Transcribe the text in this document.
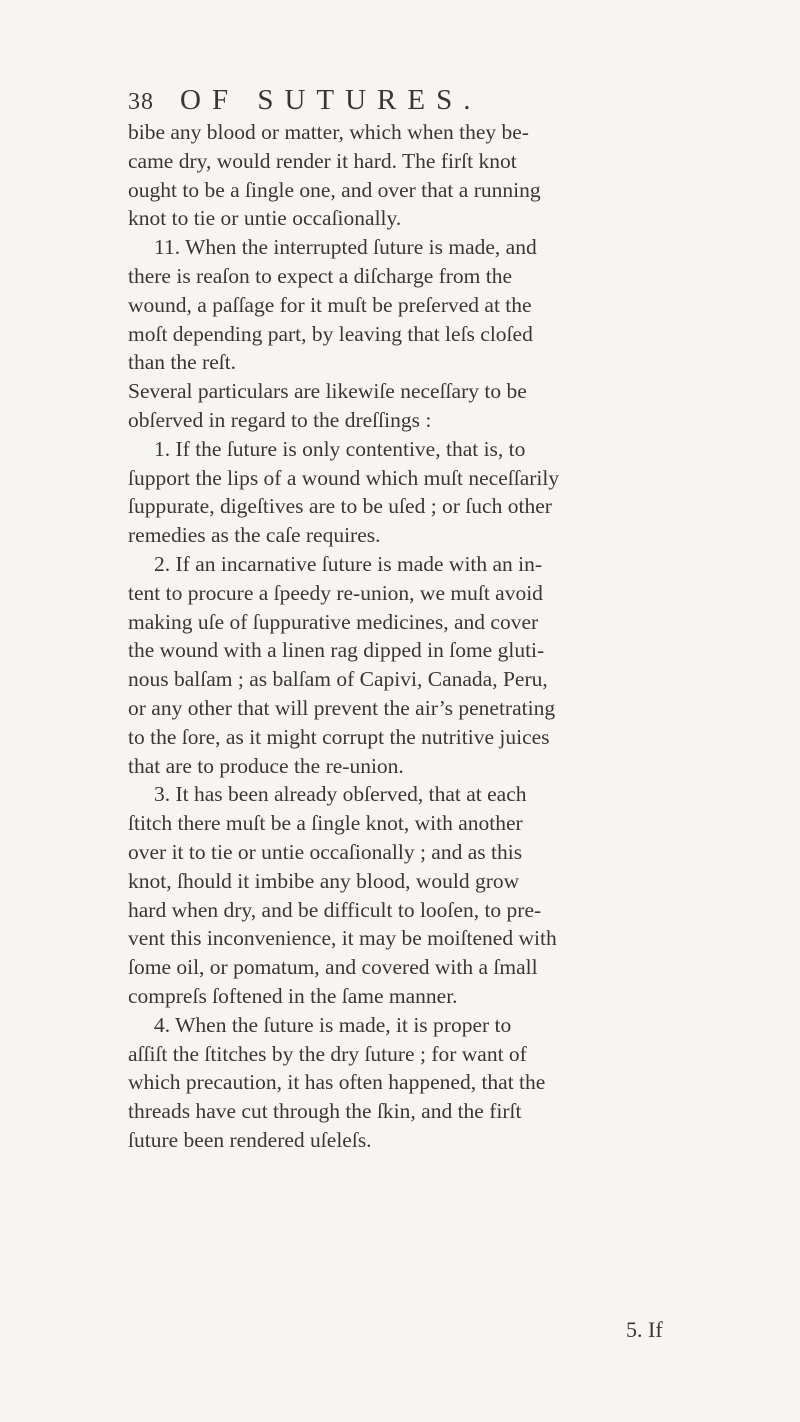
38 OF SUTURES.
bibe any blood or matter, which when they be-
came dry, would render it hard. The firſt knot
ought to be a ſingle one, and over that a running
knot to tie or untie occaſionally.
11. When the interrupted ſuture is made, and
there is reaſon to expect a diſcharge from the
wound, a paſſage for it muſt be preſerved at the
moſt depending part, by leaving that leſs cloſed
than the reſt.
Several particulars are likewiſe neceſſary to be
obſerved in regard to the dreſſings :
1. If the ſuture is only contentive, that is, to
ſupport the lips of a wound which muſt neceſſarily
ſuppurate, digeſtives are to be uſed ; or ſuch other
remedies as the caſe requires.
2. If an incarnative ſuture is made with an in-
tent to procure a ſpeedy re-union, we muſt avoid
making uſe of ſuppurative medicines, and cover
the wound with a linen rag dipped in ſome gluti-
nous balſam ; as balſam of Capivi, Canada, Peru,
or any other that will prevent the air’s penetrating
to the ſore, as it might corrupt the nutritive juices
that are to produce the re-union.
3. It has been already obſerved, that at each
ſtitch there muſt be a ſingle knot, with another
over it to tie or untie occaſionally ; and as this
knot, ſhould it imbibe any blood, would grow
hard when dry, and be difficult to looſen, to pre-
vent this inconvenience, it may be moiſtened with
ſome oil, or pomatum, and covered with a ſmall
compreſs ſoftened in the ſame manner.
4. When the ſuture is made, it is proper to
aſſiſt the ſtitches by the dry ſuture ; for want of
which precaution, it has often happened, that the
threads have cut through the ſkin, and the firſt
ſuture been rendered uſeleſs.
5. If
